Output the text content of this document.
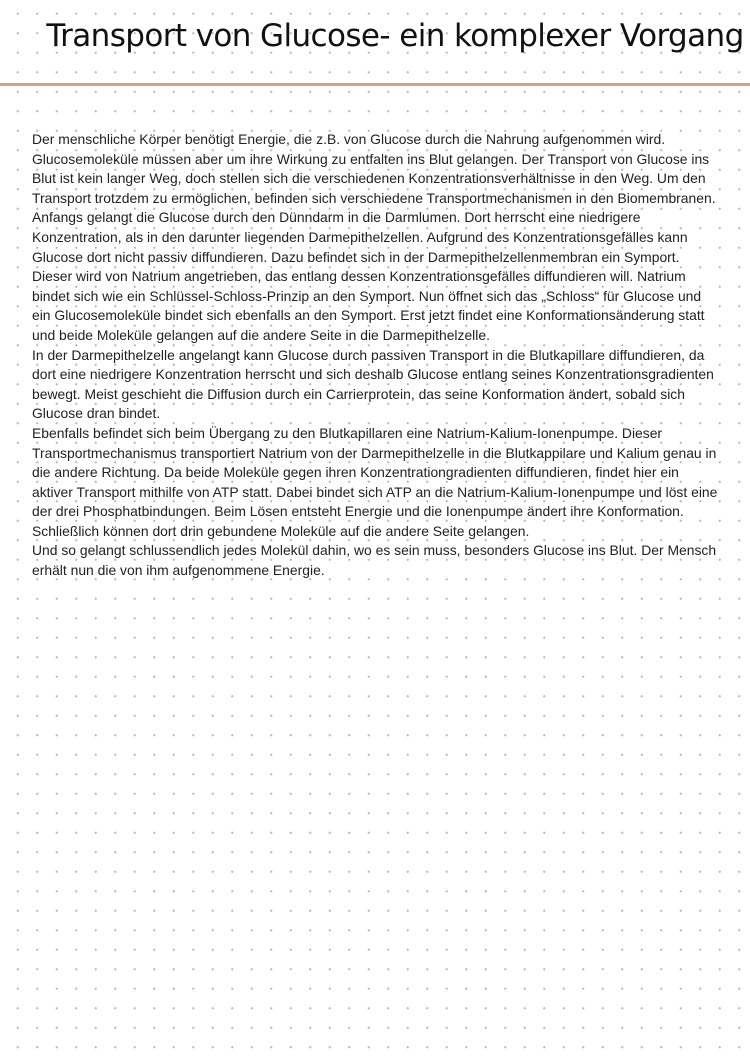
Transport von Glucose- ein komplexer Vorgang

Der menschliche Körper benötigt Energie, die z.B. von Glucose durch die Nahrung aufgenommen wird. Glucosemoleküle müssen aber um ihre Wirkung zu entfalten ins Blut gelangen. Der Transport von Glucose ins Blut ist kein langer Weg, doch stellen sich die verschiedenen Konzentrationsverhältnisse in den Weg. Um den Transport trotzdem zu ermöglichen, befinden sich verschiedene Transportmechanismen in den Biomembranen. Anfangs gelangt die Glucose durch den Dünndarm in die Darmlumen. Dort herrscht eine niedrigere Konzentration, als in den darunter liegenden Darmepithelzellen. Aufgrund des Konzentrationsgefälles kann Glucose dort nicht passiv diffundieren. Dazu befindet sich in der Darmepithelzellenmembran ein Symport. Dieser wird von Natrium angetrieben, das entlang dessen Konzentrationsgefälles diffundieren will. Natrium bindet sich wie ein Schlüssel-Schloss-Prinzip an den Symport. Nun öffnet sich das „Schloss“ für Glucose und ein Glucosemoleküle bindet sich ebenfalls an den Symport. Erst jetzt findet eine Konformationsänderung statt und beide Moleküle gelangen auf die andere Seite in die Darmepithelzelle.

In der Darmepithelzelle angelangt kann Glucose durch passiven Transport in die Blutkapillare diffundieren, da dort eine niedrigere Konzentration herrscht und sich deshalb Glucose entlang seines Konzentrationsgradienten bewegt. Meist geschieht die Diffusion durch ein Carrierprotein, das seine Konformation ändert, sobald sich Glucose dran bindet.

Ebenfalls befindet sich beim Übergang zu den Blutkapillaren eine Natrium-Kalium-Ionenpumpe. Dieser Transportmechanismus transportiert Natrium von der Darmepithelzelle in die Blutkappilare und Kalium genau in die andere Richtung. Da beide Moleküle gegen ihren Konzentrationgradienten diffundieren, findet hier ein aktiver Transport mithilfe von ATP statt. Dabei bindet sich ATP an die Natrium-Kalium-Ionenpumpe und löst eine der drei Phosphatbindungen. Beim Lösen entsteht Energie und die Ionenpumpe ändert ihre Konformation. Schließlich können dort drin gebundene Moleküle auf die andere Seite gelangen.

Und so gelangt schlussendlich jedes Molekül dahin, wo es sein muss, besonders Glucose ins Blut. Der Mensch erhält nun die von ihm aufgenommene Energie.
